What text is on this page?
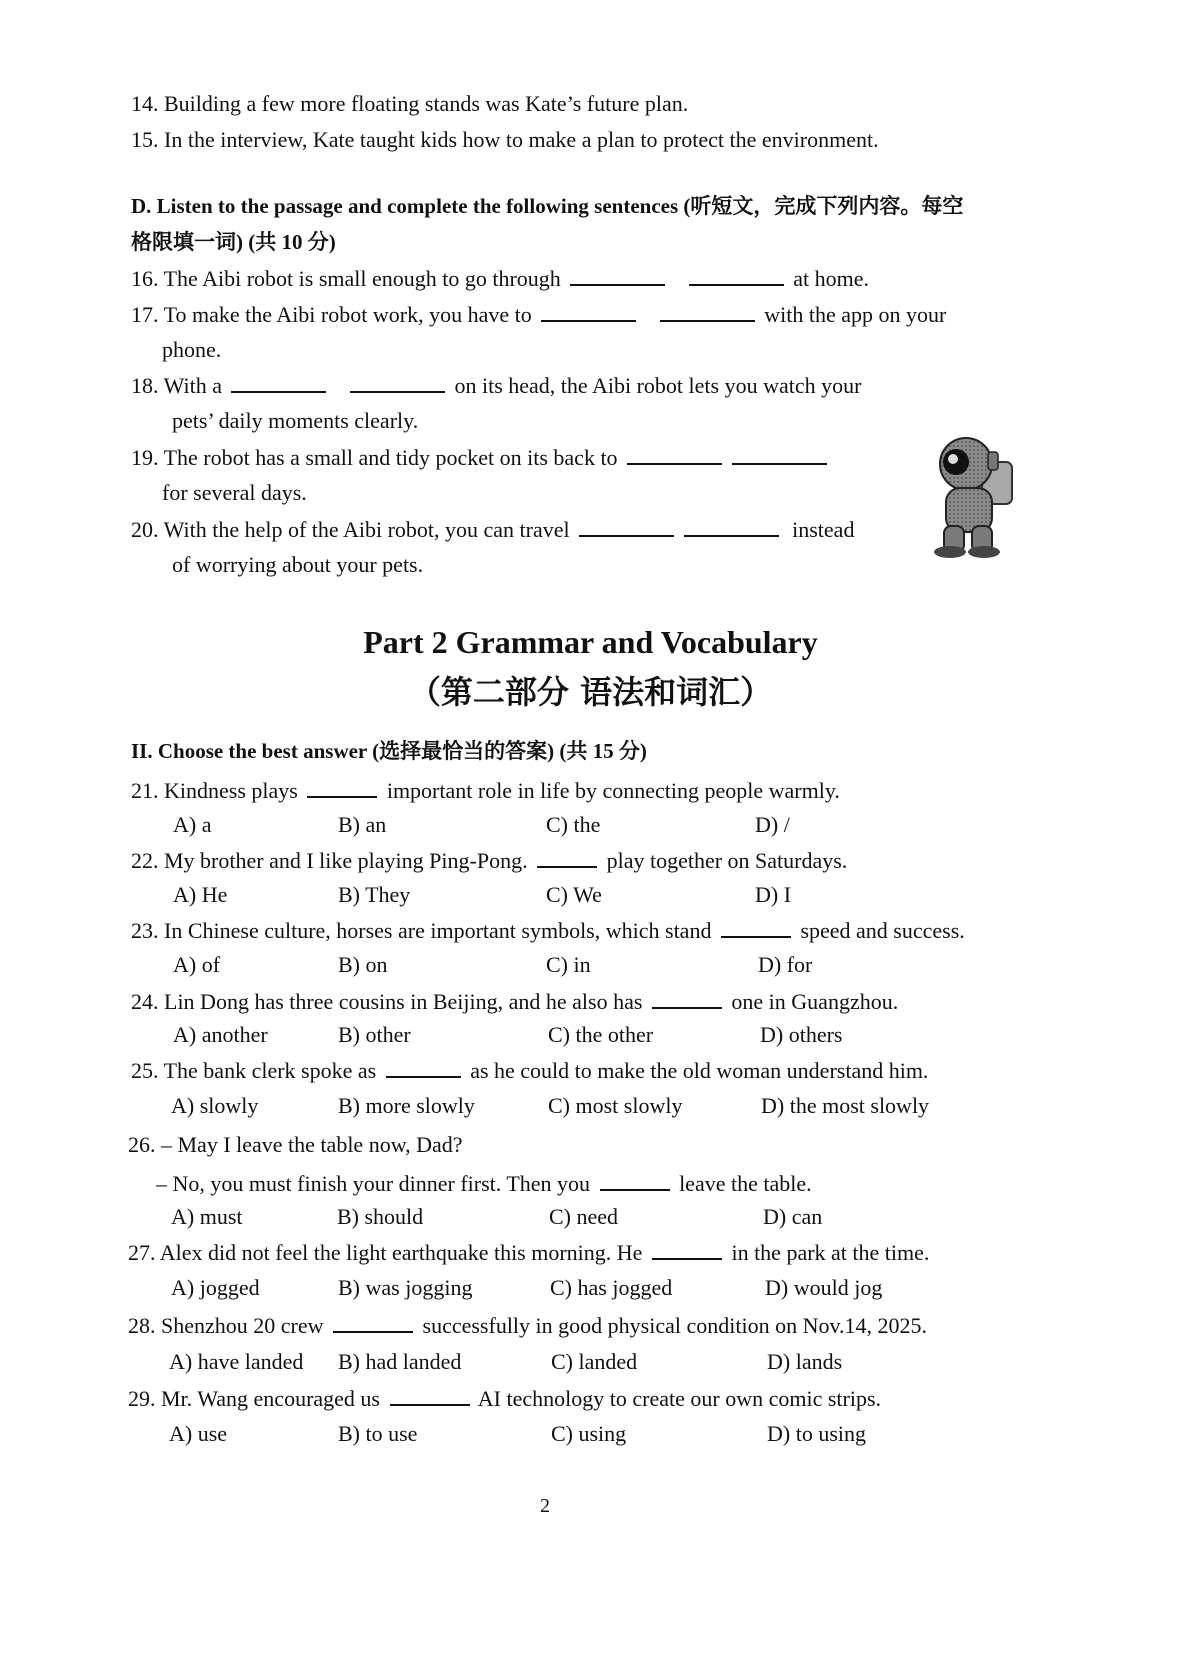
14. Building a few more floating stands was Kate’s future plan.
15. In the interview, Kate taught kids how to make a plan to protect the environment.
D. Listen to the passage and complete the following sentences (听短文，完成下列内容。每空
格限填一词) (共 10 分)
16. The Aibi robot is small enough to go through	at home.
17. To make the Aibi robot work, you have to	with the app on your
phone.
18. With a	on its head, the Aibi robot lets you watch your
pets’ daily moments clearly.
19. The robot has a small and tidy pocket on its back to
for several days.
20. With the help of the Aibi robot, you can travel	instead
of worrying about your pets.
Part 2 Grammar and Vocabulary
（第二部分 语法和词汇）
II. Choose the best answer (选择最恰当的答案) (共 15 分)
21. Kindness plays	important role in life by connecting people warmly.
A) a	B) an	C) the	D) /
22. My brother and I like playing Ping-Pong.	play together on Saturdays.
A) He	B) They	C) We	D) I
23. In Chinese culture, horses are important symbols, which stand	speed and success.
A) of	B) on	C) in	D) for
24. Lin Dong has three cousins in Beijing, and he also has	one in Guangzhou.
A) another	B) other	C) the other	D) others
25. The bank clerk spoke as	as he could to make the old woman understand him.
A) slowly	B) more slowly	C) most slowly	D) the most slowly
26. – May I leave the table now, Dad?
– No, you must finish your dinner first. Then you	leave the table.
A) must	B) should	C) need	D) can
27. Alex did not feel the light earthquake this morning. He	in the park at the time.
A) jogged	B) was jogging	C) has jogged	D) would jog
28. Shenzhou 20 crew	successfully in good physical condition on Nov.14, 2025.
A) have landed B) had landed	C) landed	D) lands
29. Mr. Wang encouraged us	AI technology to create our own comic strips.
A) use	B) to use	C) using	D) to using
2
